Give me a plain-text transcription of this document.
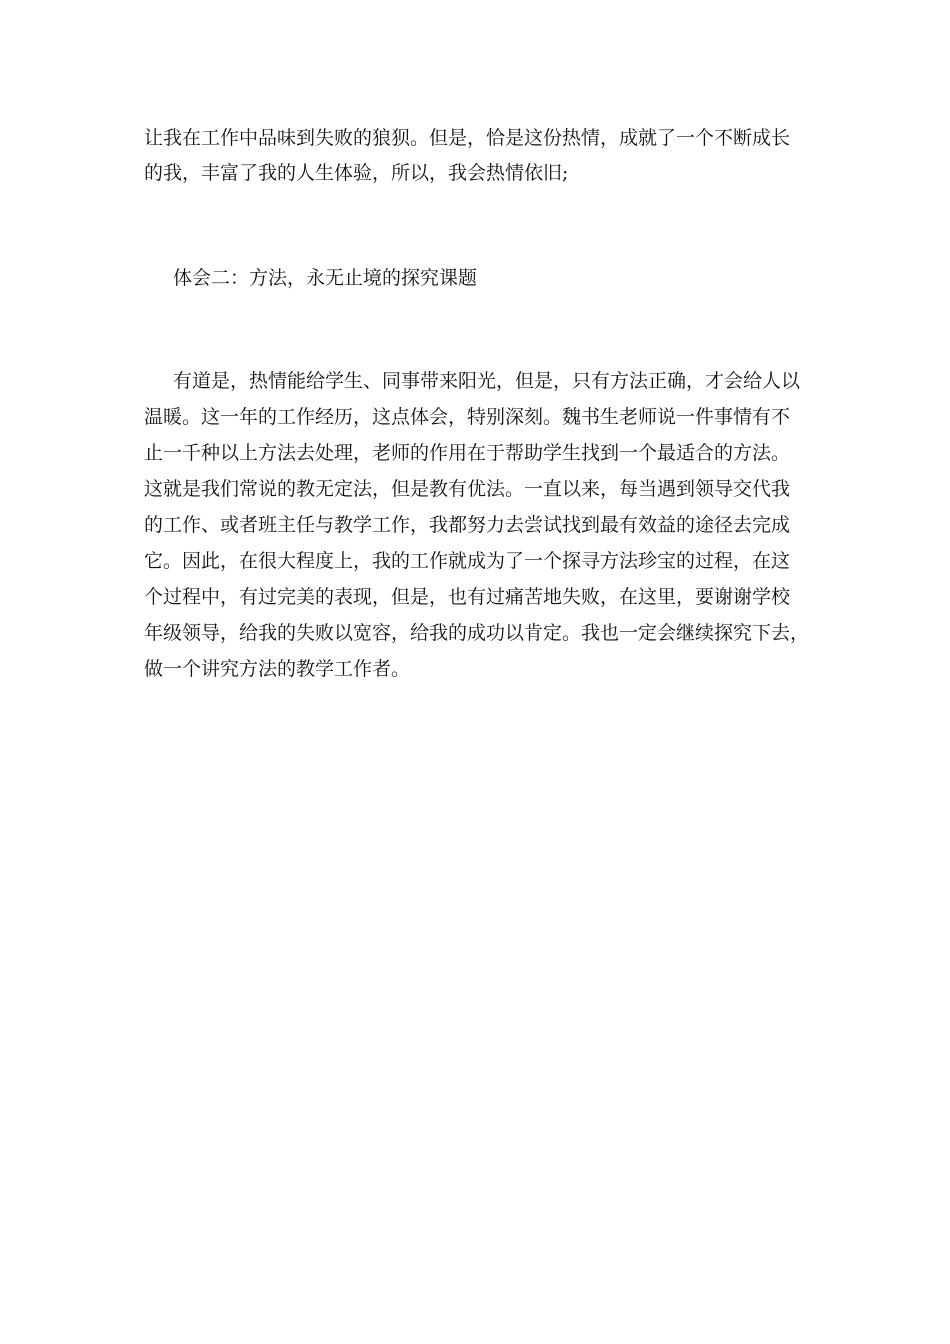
让我在工作中品味到失败的狼狈。但是，恰是这份热情，成就了一个不断成长
的我，丰富了我的人生体验，所以，我会热情依旧;
体会二：方法，永无止境的探究课题
有道是，热情能给学生、同事带来阳光，但是，只有方法正确，才会给人以
温暖。这一年的工作经历，这点体会，特别深刻。魏书生老师说一件事情有不
止一千种以上方法去处理，老师的作用在于帮助学生找到一个最适合的方法。
这就是我们常说的教无定法，但是教有优法。一直以来，每当遇到领导交代我
的工作、或者班主任与教学工作，我都努力去尝试找到最有效益的途径去完成
它。因此，在很大程度上，我的工作就成为了一个探寻方法珍宝的过程，在这
个过程中，有过完美的表现，但是，也有过痛苦地失败，在这里，要谢谢学校
年级领导，给我的失败以宽容，给我的成功以肯定。我也一定会继续探究下去，
做一个讲究方法的教学工作者。
